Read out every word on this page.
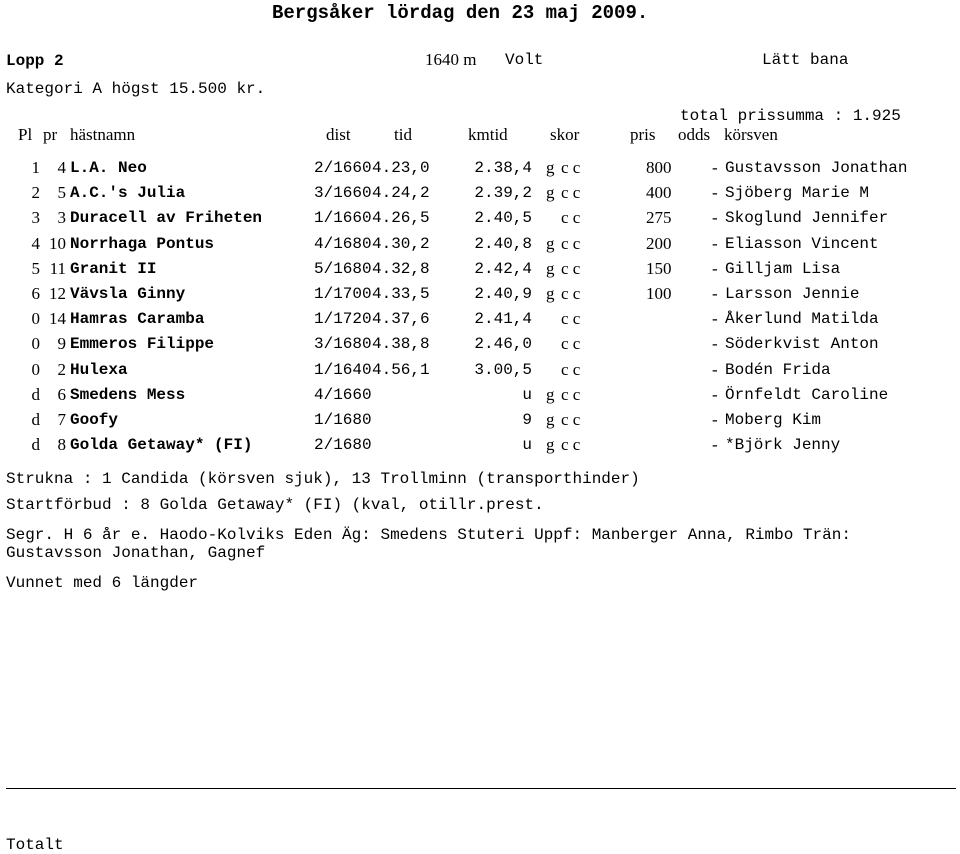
Bergsåker lördag den 23 maj 2009.
Lopp 2	1640 m Volt	Lätt bana
Kategori A högst 15.500 kr.
total prissumma : 1.925
Pl pr hästnamn	dist	tid	kmtid skor	pris odds körsven
1	4 L.A. Neo	2/1660 4.23,0	2.38,4 g c c	800 - Gustavsson Jonathan
2	5 A.C.'s Julia	3/1660 4.24,2	2.39,2 g c c	400 - Sjöberg Marie M
3	3 Duracell av Friheten	1/1660 4.26,5	2.40,5 c c	275 - Skoglund Jennifer
4 10 Norrhaga Pontus	4/1680 4.30,2	2.40,8 g c c	200 - Eliasson Vincent
5 11 Granit II	5/1680 4.32,8	2.42,4 g c c	150 - Gilljam Lisa
6 12 Vävsla Ginny	1/1700 4.33,5	2.40,9 g c c	100 - Larsson Jennie
0 14 Hamras Caramba	1/1720 4.37,6	2.41,4 c c	- Åkerlund Matilda
0	9 Emmeros Filippe	3/1680 4.38,8	2.46,0 c c	- Söderkvist Anton
0	2 Hulexa	1/1640 4.56,1	3.00,5 c c	- Bodén Frida
d	6 Smedens Mess	4/1660	u g c c	- Örnfeldt Caroline
d	7 Goofy	1/1680	9 g c c	- Moberg Kim
d	8 Golda Getaway* (FI)	2/1680	u g c c	- *Björk Jenny
Strukna : 1 Candida (körsven sjuk), 13 Trollminn (transporthinder)
Startförbud : 8 Golda Getaway* (FI) (kval, otillr.prest.
Segr. H 6 år e. Haodo-Kolviks Eden Äg: Smedens Stuteri Uppf: Manberger Anna, Rimbo Trän:
Gustavsson Jonathan, Gagnef
Vunnet med 6 längder
Totalt
